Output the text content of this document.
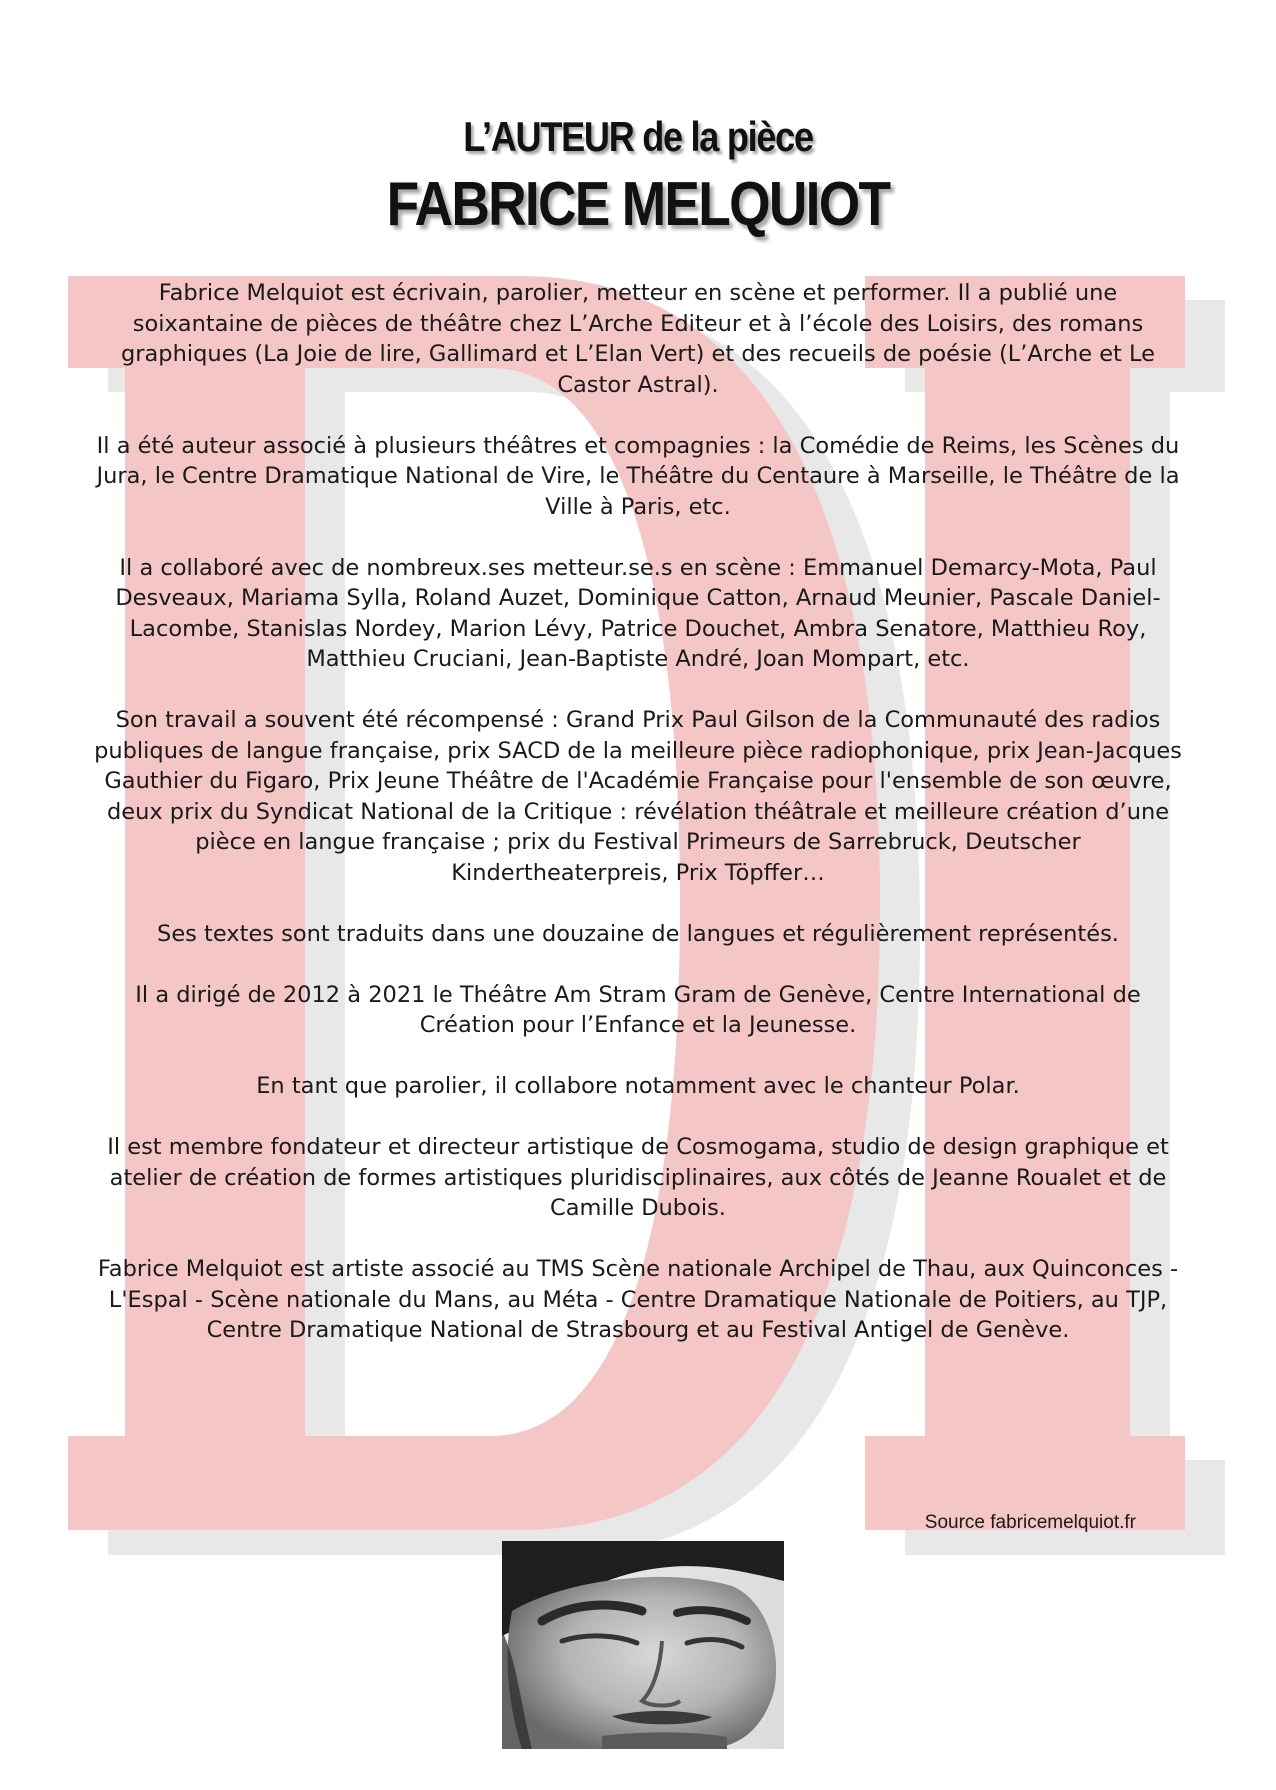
L’AUTEUR de la pièce
FABRICE MELQUIOT

Fabrice Melquiot est écrivain, parolier, metteur en scène et performer. Il a publié une soixantaine de pièces de théâtre chez L’Arche Editeur et à l’école des Loisirs, des romans graphiques (La Joie de lire, Gallimard et L’Elan Vert) et des recueils de poésie (L’Arche et Le Castor Astral).

Il a été auteur associé à plusieurs théâtres et compagnies : la Comédie de Reims, les Scènes du Jura, le Centre Dramatique National de Vire, le Théâtre du Centaure à Marseille, le Théâtre de la Ville à Paris, etc.

Il a collaboré avec de nombreux.ses metteur.se.s en scène : Emmanuel Demarcy-Mota, Paul Desveaux, Mariama Sylla, Roland Auzet, Dominique Catton, Arnaud Meunier, Pascale Daniel-Lacombe, Stanislas Nordey, Marion Lévy, Patrice Douchet, Ambra Senatore, Matthieu Roy, Matthieu Cruciani, Jean-Baptiste André, Joan Mompart, etc.

Son travail a souvent été récompensé : Grand Prix Paul Gilson de la Communauté des radios publiques de langue française, prix SACD de la meilleure pièce radiophonique, prix Jean-Jacques Gauthier du Figaro, Prix Jeune Théâtre de l'Académie Française pour l'ensemble de son œuvre, deux prix du Syndicat National de la Critique : révélation théâtrale et meilleure création d’une pièce en langue française ; prix du Festival Primeurs de Sarrebruck, Deutscher Kindertheaterpreis, Prix Töpffer…

Ses textes sont traduits dans une douzaine de langues et régulièrement représentés.

Il a dirigé de 2012 à 2021 le Théâtre Am Stram Gram de Genève, Centre International de Création pour l’Enfance et la Jeunesse.

En tant que parolier, il collabore notamment avec le chanteur Polar.

Il est membre fondateur et directeur artistique de Cosmogama, studio de design graphique et atelier de création de formes artistiques pluridisciplinaires, aux côtés de Jeanne Roualet et de Camille Dubois.

Fabrice Melquiot est artiste associé au TMS Scène nationale Archipel de Thau, aux Quinconces - L'Espal - Scène nationale du Mans, au Méta - Centre Dramatique Nationale de Poitiers, au TJP, Centre Dramatique National de Strasbourg et au Festival Antigel de Genève.

Source fabricemelquiot.fr
